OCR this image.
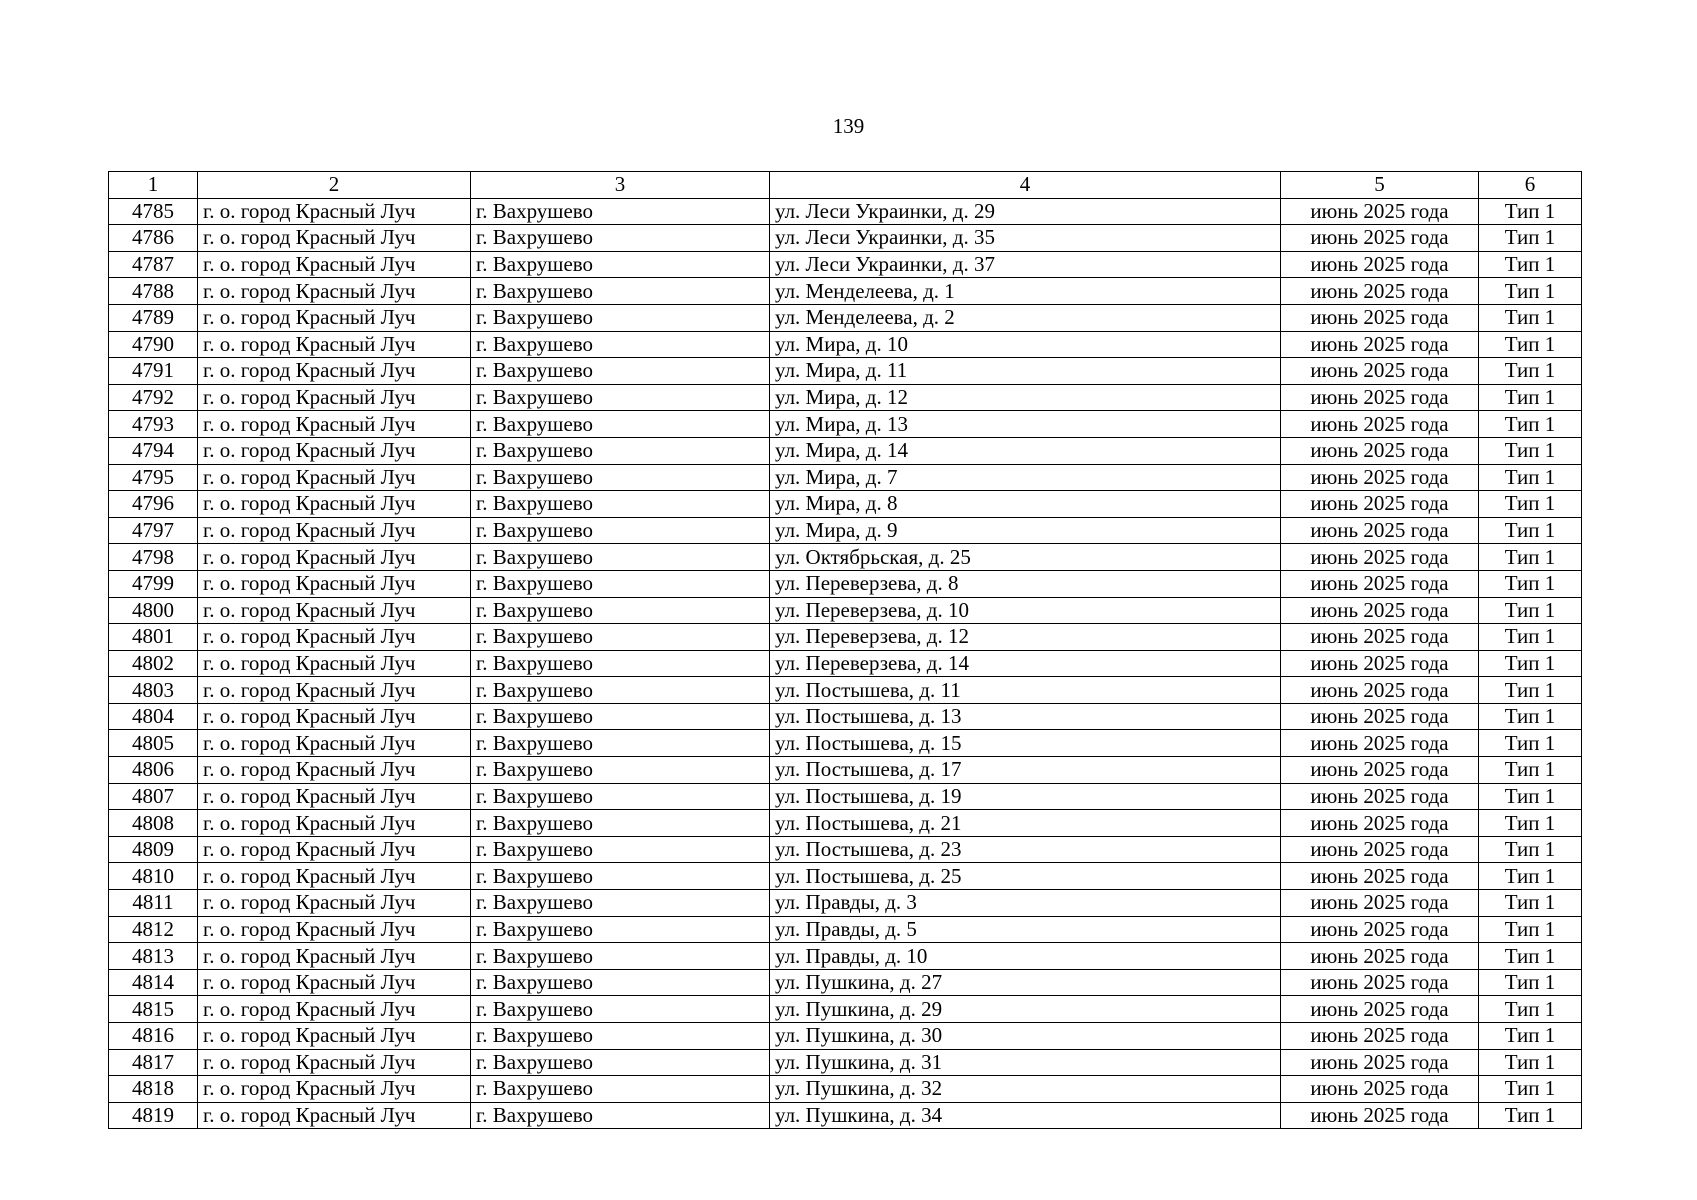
139
1	2	3	4	5	6
4785	г. о. город Красный Луч	г. Вахрушево	ул. Леси Украинки, д. 29	июнь 2025 года	Тип 1
4786	г. о. город Красный Луч	г. Вахрушево	ул. Леси Украинки, д. 35	июнь 2025 года	Тип 1
4787	г. о. город Красный Луч	г. Вахрушево	ул. Леси Украинки, д. 37	июнь 2025 года	Тип 1
4788	г. о. город Красный Луч	г. Вахрушево	ул. Менделеева, д. 1	июнь 2025 года	Тип 1
4789	г. о. город Красный Луч	г. Вахрушево	ул. Менделеева, д. 2	июнь 2025 года	Тип 1
4790	г. о. город Красный Луч	г. Вахрушево	ул. Мира, д. 10	июнь 2025 года	Тип 1
4791	г. о. город Красный Луч	г. Вахрушево	ул. Мира, д. 11	июнь 2025 года	Тип 1
4792	г. о. город Красный Луч	г. Вахрушево	ул. Мира, д. 12	июнь 2025 года	Тип 1
4793	г. о. город Красный Луч	г. Вахрушево	ул. Мира, д. 13	июнь 2025 года	Тип 1
4794	г. о. город Красный Луч	г. Вахрушево	ул. Мира, д. 14	июнь 2025 года	Тип 1
4795	г. о. город Красный Луч	г. Вахрушево	ул. Мира, д. 7	июнь 2025 года	Тип 1
4796	г. о. город Красный Луч	г. Вахрушево	ул. Мира, д. 8	июнь 2025 года	Тип 1
4797	г. о. город Красный Луч	г. Вахрушево	ул. Мира, д. 9	июнь 2025 года	Тип 1
4798	г. о. город Красный Луч	г. Вахрушево	ул. Октябрьская, д. 25	июнь 2025 года	Тип 1
4799	г. о. город Красный Луч	г. Вахрушево	ул. Переверзева, д. 8	июнь 2025 года	Тип 1
4800	г. о. город Красный Луч	г. Вахрушево	ул. Переверзева, д. 10	июнь 2025 года	Тип 1
4801	г. о. город Красный Луч	г. Вахрушево	ул. Переверзева, д. 12	июнь 2025 года	Тип 1
4802	г. о. город Красный Луч	г. Вахрушево	ул. Переверзева, д. 14	июнь 2025 года	Тип 1
4803	г. о. город Красный Луч	г. Вахрушево	ул. Постышева, д. 11	июнь 2025 года	Тип 1
4804	г. о. город Красный Луч	г. Вахрушево	ул. Постышева, д. 13	июнь 2025 года	Тип 1
4805	г. о. город Красный Луч	г. Вахрушево	ул. Постышева, д. 15	июнь 2025 года	Тип 1
4806	г. о. город Красный Луч	г. Вахрушево	ул. Постышева, д. 17	июнь 2025 года	Тип 1
4807	г. о. город Красный Луч	г. Вахрушево	ул. Постышева, д. 19	июнь 2025 года	Тип 1
4808	г. о. город Красный Луч	г. Вахрушево	ул. Постышева, д. 21	июнь 2025 года	Тип 1
4809	г. о. город Красный Луч	г. Вахрушево	ул. Постышева, д. 23	июнь 2025 года	Тип 1
4810	г. о. город Красный Луч	г. Вахрушево	ул. Постышева, д. 25	июнь 2025 года	Тип 1
4811	г. о. город Красный Луч	г. Вахрушево	ул. Правды, д. 3	июнь 2025 года	Тип 1
4812	г. о. город Красный Луч	г. Вахрушево	ул. Правды, д. 5	июнь 2025 года	Тип 1
4813	г. о. город Красный Луч	г. Вахрушево	ул. Правды, д. 10	июнь 2025 года	Тип 1
4814	г. о. город Красный Луч	г. Вахрушево	ул. Пушкина, д. 27	июнь 2025 года	Тип 1
4815	г. о. город Красный Луч	г. Вахрушево	ул. Пушкина, д. 29	июнь 2025 года	Тип 1
4816	г. о. город Красный Луч	г. Вахрушево	ул. Пушкина, д. 30	июнь 2025 года	Тип 1
4817	г. о. город Красный Луч	г. Вахрушево	ул. Пушкина, д. 31	июнь 2025 года	Тип 1
4818	г. о. город Красный Луч	г. Вахрушево	ул. Пушкина, д. 32	июнь 2025 года	Тип 1
4819	г. о. город Красный Луч	г. Вахрушево	ул. Пушкина, д. 34	июнь 2025 года	Тип 1
